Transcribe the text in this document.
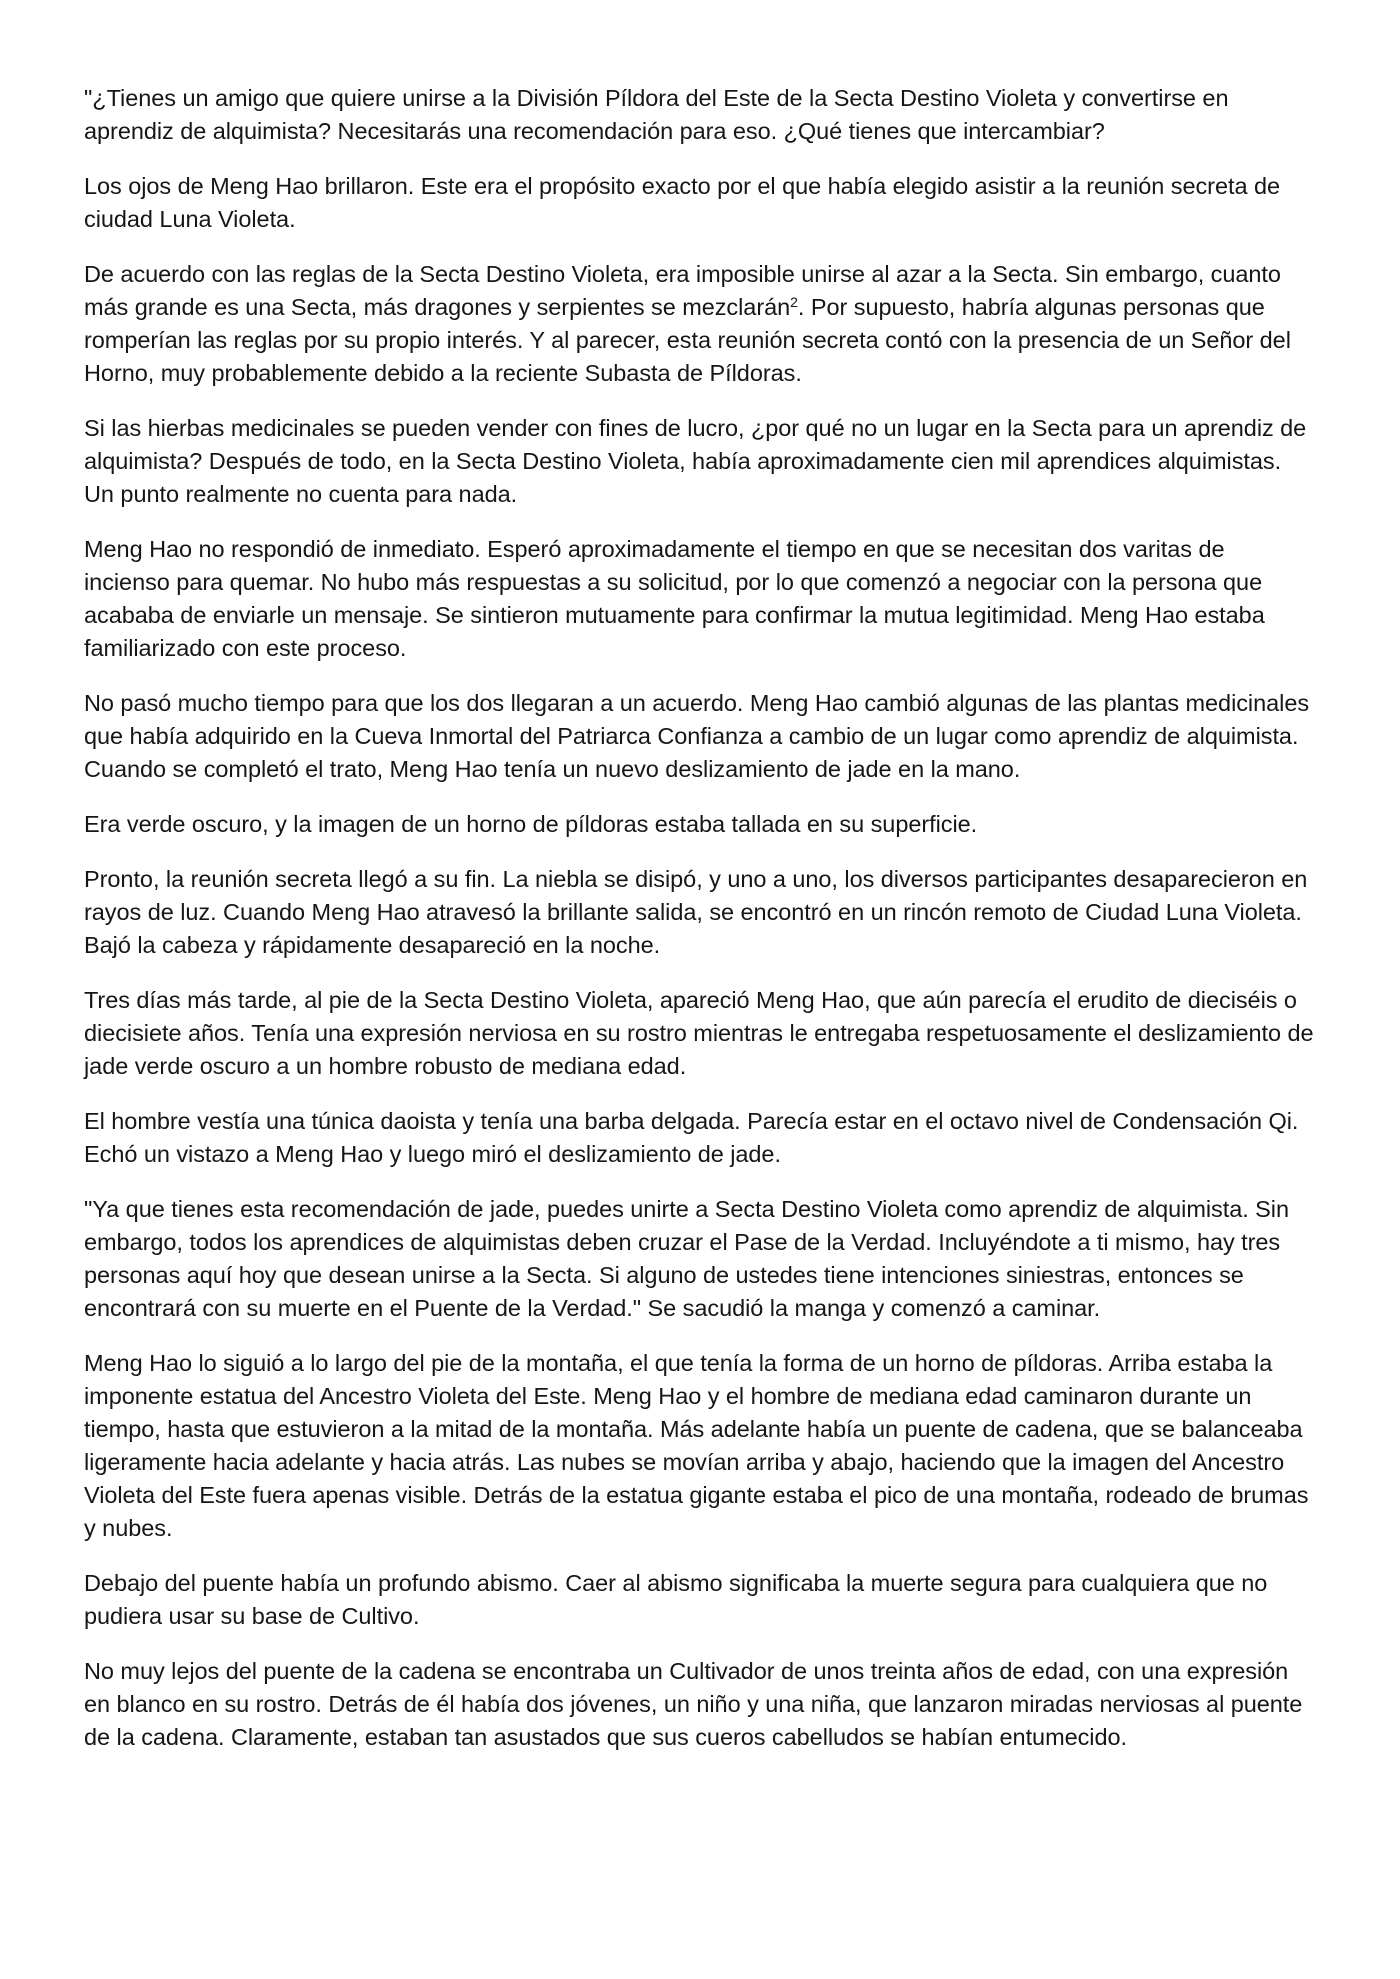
"¿Tienes un amigo que quiere unirse a la División Píldora del Este de la Secta Destino Violeta y convertirse en aprendiz de alquimista? Necesitarás una recomendación para eso. ¿Qué tienes que intercambiar?

Los ojos de Meng Hao brillaron. Este era el propósito exacto por el que había elegido asistir a la reunión secreta de ciudad Luna Violeta.

De acuerdo con las reglas de la Secta Destino Violeta, era imposible unirse al azar a la Secta. Sin embargo, cuanto más grande es una Secta, más dragones y serpientes se mezclarán$^2$. Por supuesto, habría algunas personas que romperían las reglas por su propio interés. Y al parecer, esta reunión secreta contó con la presencia de un Señor del Horno, muy probablemente debido a la reciente Subasta de Píldoras.

Si las hierbas medicinales se pueden vender con fines de lucro, ¿por qué no un lugar en la Secta para un aprendiz de alquimista? Después de todo, en la Secta Destino Violeta, había aproximadamente cien mil aprendices alquimistas. Un punto realmente no cuenta para nada.

Meng Hao no respondió de inmediato. Esperó aproximadamente el tiempo en que se necesitan dos varitas de incienso para quemar. No hubo más respuestas a su solicitud, por lo que comenzó a negociar con la persona que acababa de enviarle un mensaje. Se sintieron mutuamente para confirmar la mutua legitimidad. Meng Hao estaba familiarizado con este proceso.

No pasó mucho tiempo para que los dos llegaran a un acuerdo. Meng Hao cambió algunas de las plantas medicinales que había adquirido en la Cueva Inmortal del Patriarca Confianza a cambio de un lugar como aprendiz de alquimista. Cuando se completó el trato, Meng Hao tenía un nuevo deslizamiento de jade en la mano.

Era verde oscuro, y la imagen de un horno de píldoras estaba tallada en su superficie.

Pronto, la reunión secreta llegó a su fin. La niebla se disipó, y uno a uno, los diversos participantes desaparecieron en rayos de luz. Cuando Meng Hao atravesó la brillante salida, se encontró en un rincón remoto de Ciudad Luna Violeta. Bajó la cabeza y rápidamente desapareció en la noche.

Tres días más tarde, al pie de la Secta Destino Violeta, apareció Meng Hao, que aún parecía el erudito de dieciséis o diecisiete años. Tenía una expresión nerviosa en su rostro mientras le entregaba respetuosamente el deslizamiento de jade verde oscuro a un hombre robusto de mediana edad.

El hombre vestía una túnica daoista y tenía una barba delgada. Parecía estar en el octavo nivel de Condensación Qi. Echó un vistazo a Meng Hao y luego miró el deslizamiento de jade.

"Ya que tienes esta recomendación de jade, puedes unirte a Secta Destino Violeta como aprendiz de alquimista. Sin embargo, todos los aprendices de alquimistas deben cruzar el Pase de la Verdad. Incluyéndote a ti mismo, hay tres personas aquí hoy que desean unirse a la Secta. Si alguno de ustedes tiene intenciones siniestras, entonces se encontrará con su muerte en el Puente de la Verdad." Se sacudió la manga y comenzó a caminar.

Meng Hao lo siguió a lo largo del pie de la montaña, el que tenía la forma de un horno de píldoras. Arriba estaba la imponente estatua del Ancestro Violeta del Este. Meng Hao y el hombre de mediana edad caminaron durante un tiempo, hasta que estuvieron a la mitad de la montaña. Más adelante había un puente de cadena, que se balanceaba ligeramente hacia adelante y hacia atrás. Las nubes se movían arriba y abajo, haciendo que la imagen del Ancestro Violeta del Este fuera apenas visible. Detrás de la estatua gigante estaba el pico de una montaña, rodeado de brumas y nubes.

Debajo del puente había un profundo abismo. Caer al abismo significaba la muerte segura para cualquiera que no pudiera usar su base de Cultivo.

No muy lejos del puente de la cadena se encontraba un Cultivador de unos treinta años de edad, con una expresión en blanco en su rostro. Detrás de él había dos jóvenes, un niño y una niña, que lanzaron miradas nerviosas al puente de la cadena. Claramente, estaban tan asustados que sus cueros cabelludos se habían entumecido.
